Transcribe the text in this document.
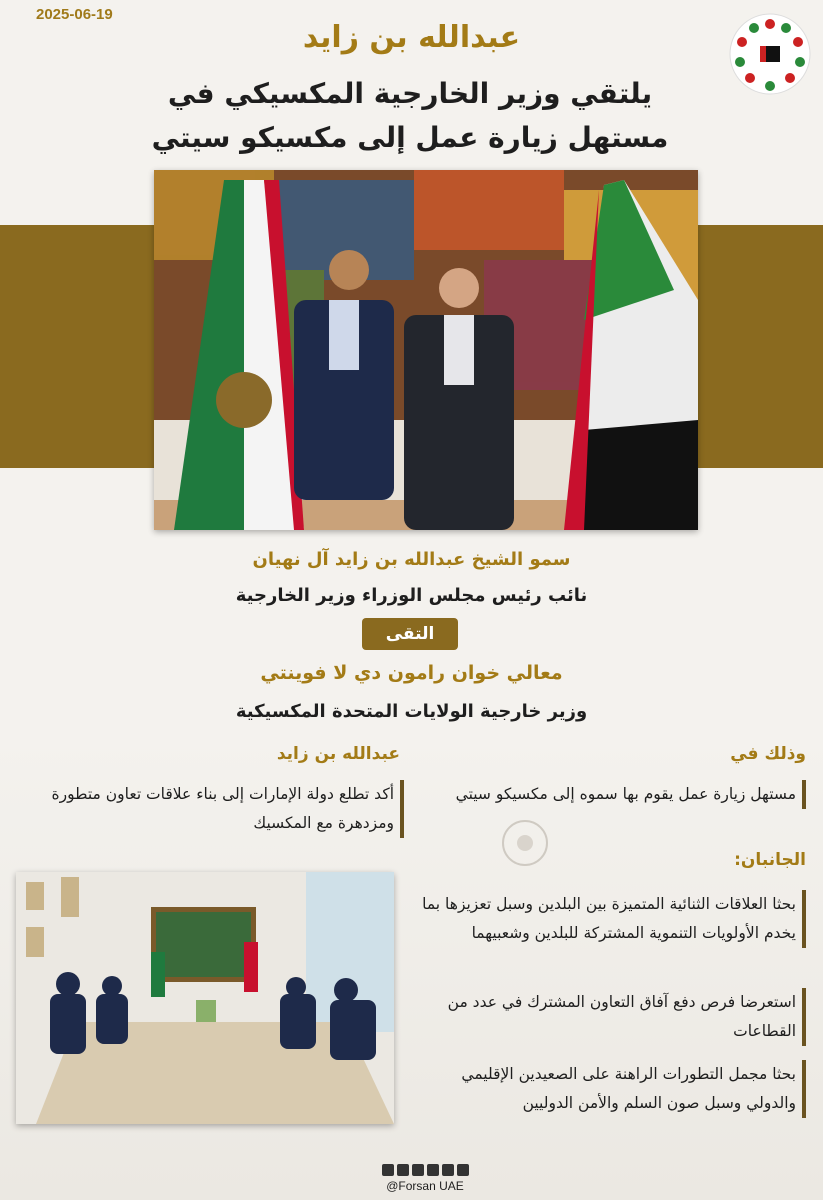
2025-06-19
عبدالله بن زايد
يلتقي وزير الخارجية المكسيكي في
مستهل زيارة عمل إلى مكسيكو سيتي
سمو الشيخ عبدالله بن زايد آل نهيان
نائب رئيس مجلس الوزراء وزير الخارجية
التقى
معالي خوان رامون دي لا فوينتي
وزير خارجية الولايات المتحدة المكسيكية
وذلك في
مستهل زيارة عمل يقوم بها سموه إلى مكسيكو سيتي
الجانبان:
بحثا العلاقات الثنائية المتميزة بين البلدين وسبل تعزيزها بما يخدم الأولويات التنموية المشتركة للبلدين وشعبيهما
استعرضا فرص دفع آفاق التعاون المشترك في عدد من القطاعات
بحثا مجمل التطورات الراهنة على الصعيدين الإقليمي والدولي وسبل صون السلم والأمن الدوليين
عبدالله بن زايد
أكد تطلع دولة الإمارات إلى بناء علاقات تعاون متطورة ومزدهرة مع المكسيك
@Forsan UAE
